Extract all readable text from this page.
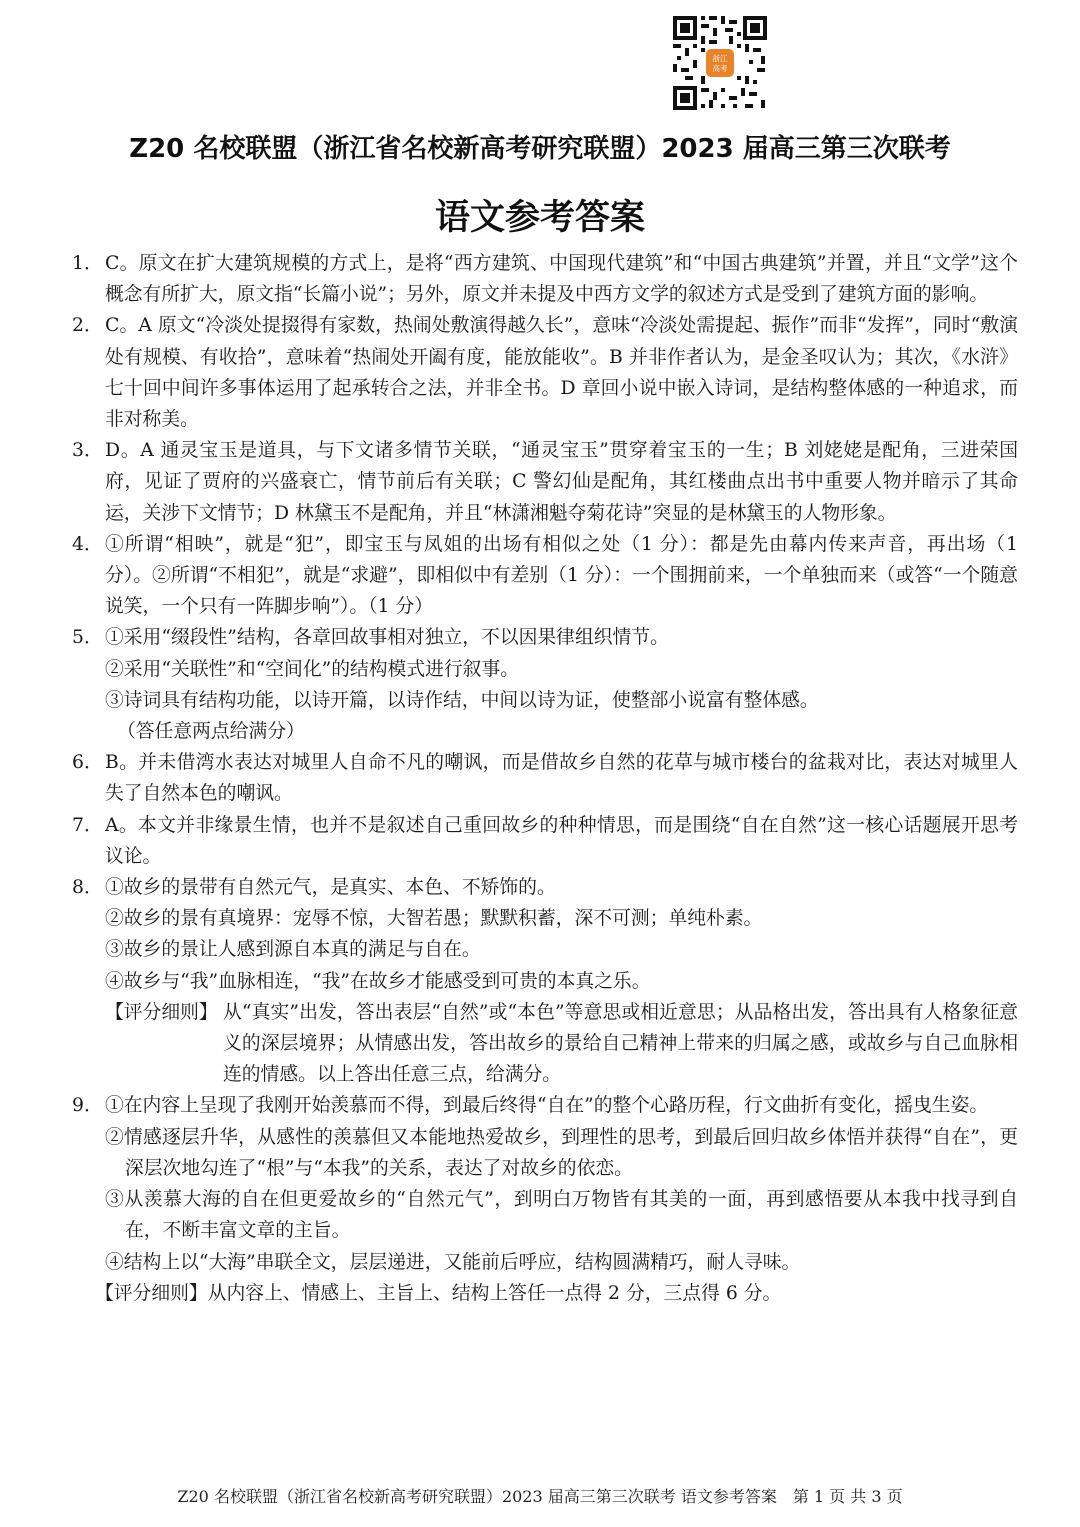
浙江
高考
Z20 名校联盟（浙江省名校新高考研究联盟）2023 届高三第三次联考
语文参考答案
1． C。原文在扩大建筑规模的方式上，是将“西方建筑、中国现代建筑”和“中国古典建筑”并置，并且“文学”这个概念有所扩大，原文指“长篇小说”；另外，原文并未提及中西方文学的叙述方式是受到了建筑方面的影响。
2． C。A 原文“冷淡处提掇得有家数，热闹处敷演得越久长”，意味“冷淡处需提起、振作”而非“发挥”，同时“敷演处有规模、有收拾”，意味着“热闹处开阖有度，能放能收”。B 并非作者认为，是金圣叹认为；其次，《水浒》七十回中间许多事体运用了起承转合之法，并非全书。D 章回小说中嵌入诗词，是结构整体感的一种追求，而非对称美。
3． D。A 通灵宝玉是道具，与下文诸多情节关联，“通灵宝玉”贯穿着宝玉的一生；B 刘姥姥是配角，三进荣国府，见证了贾府的兴盛衰亡，情节前后有关联；C 警幻仙是配角，其红楼曲点出书中重要人物并暗示了其命运，关涉下文情节；D 林黛玉不是配角，并且“林潇湘魁夺菊花诗”突显的是林黛玉的人物形象。
4． ①所谓“相映”，就是“犯”，即宝玉与凤姐的出场有相似之处（1 分）：都是先由幕内传来声音，再出场（1 分）。②所谓“不相犯”，就是“求避”，即相似中有差别（1 分）：一个围拥前来，一个单独而来（或答“一个随意说笑，一个只有一阵脚步响”）。（1 分）
5． ①采用“缀段性”结构，各章回故事相对独立，不以因果律组织情节。
②采用“关联性”和“空间化”的结构模式进行叙事。
③诗词具有结构功能，以诗开篇，以诗作结，中间以诗为证，使整部小说富有整体感。
（答任意两点给满分）
6． B。并未借湾水表达对城里人自命不凡的嘲讽，而是借故乡自然的花草与城市楼台的盆栽对比，表达对城里人失了自然本色的嘲讽。
7． A。本文并非缘景生情，也并不是叙述自己重回故乡的种种情思，而是围绕“自在自然”这一核心话题展开思考议论。
8． ①故乡的景带有自然元气，是真实、本色、不矫饰的。
②故乡的景有真境界：宠辱不惊，大智若愚；默默积蓄，深不可测；单纯朴素。
③故乡的景让人感到源自本真的满足与自在。
④故乡与“我”血脉相连，“我”在故乡才能感受到可贵的本真之乐。
【评分细则】 从“真实”出发，答出表层“自然”或“本色”等意思或相近意思；从品格出发，答出具有人格象征意义的深层境界；从情感出发，答出故乡的景给自己精神上带来的归属之感，或故乡与自己血脉相连的情感。以上答出任意三点，给满分。
9． ①在内容上呈现了我刚开始羡慕而不得，到最后终得“自在”的整个心路历程，行文曲折有变化，摇曳生姿。
②情感逐层升华，从感性的羡慕但又本能地热爱故乡，到理性的思考，到最后回归故乡体悟并获得“自在”，更深层次地勾连了“根”与“本我”的关系，表达了对故乡的依恋。
③从羡慕大海的自在但更爱故乡的“自然元气”，到明白万物皆有其美的一面，再到感悟要从本我中找寻到自在，不断丰富文章的主旨。
④结构上以“大海”串联全文，层层递进，又能前后呼应，结构圆满精巧，耐人寻味。
【评分细则】从内容上、情感上、主旨上、结构上答任一点得 2 分，三点得 6 分。
Z20 名校联盟（浙江省名校新高考研究联盟）2023 届高三第三次联考 语文参考答案　第 1 页 共 3 页
